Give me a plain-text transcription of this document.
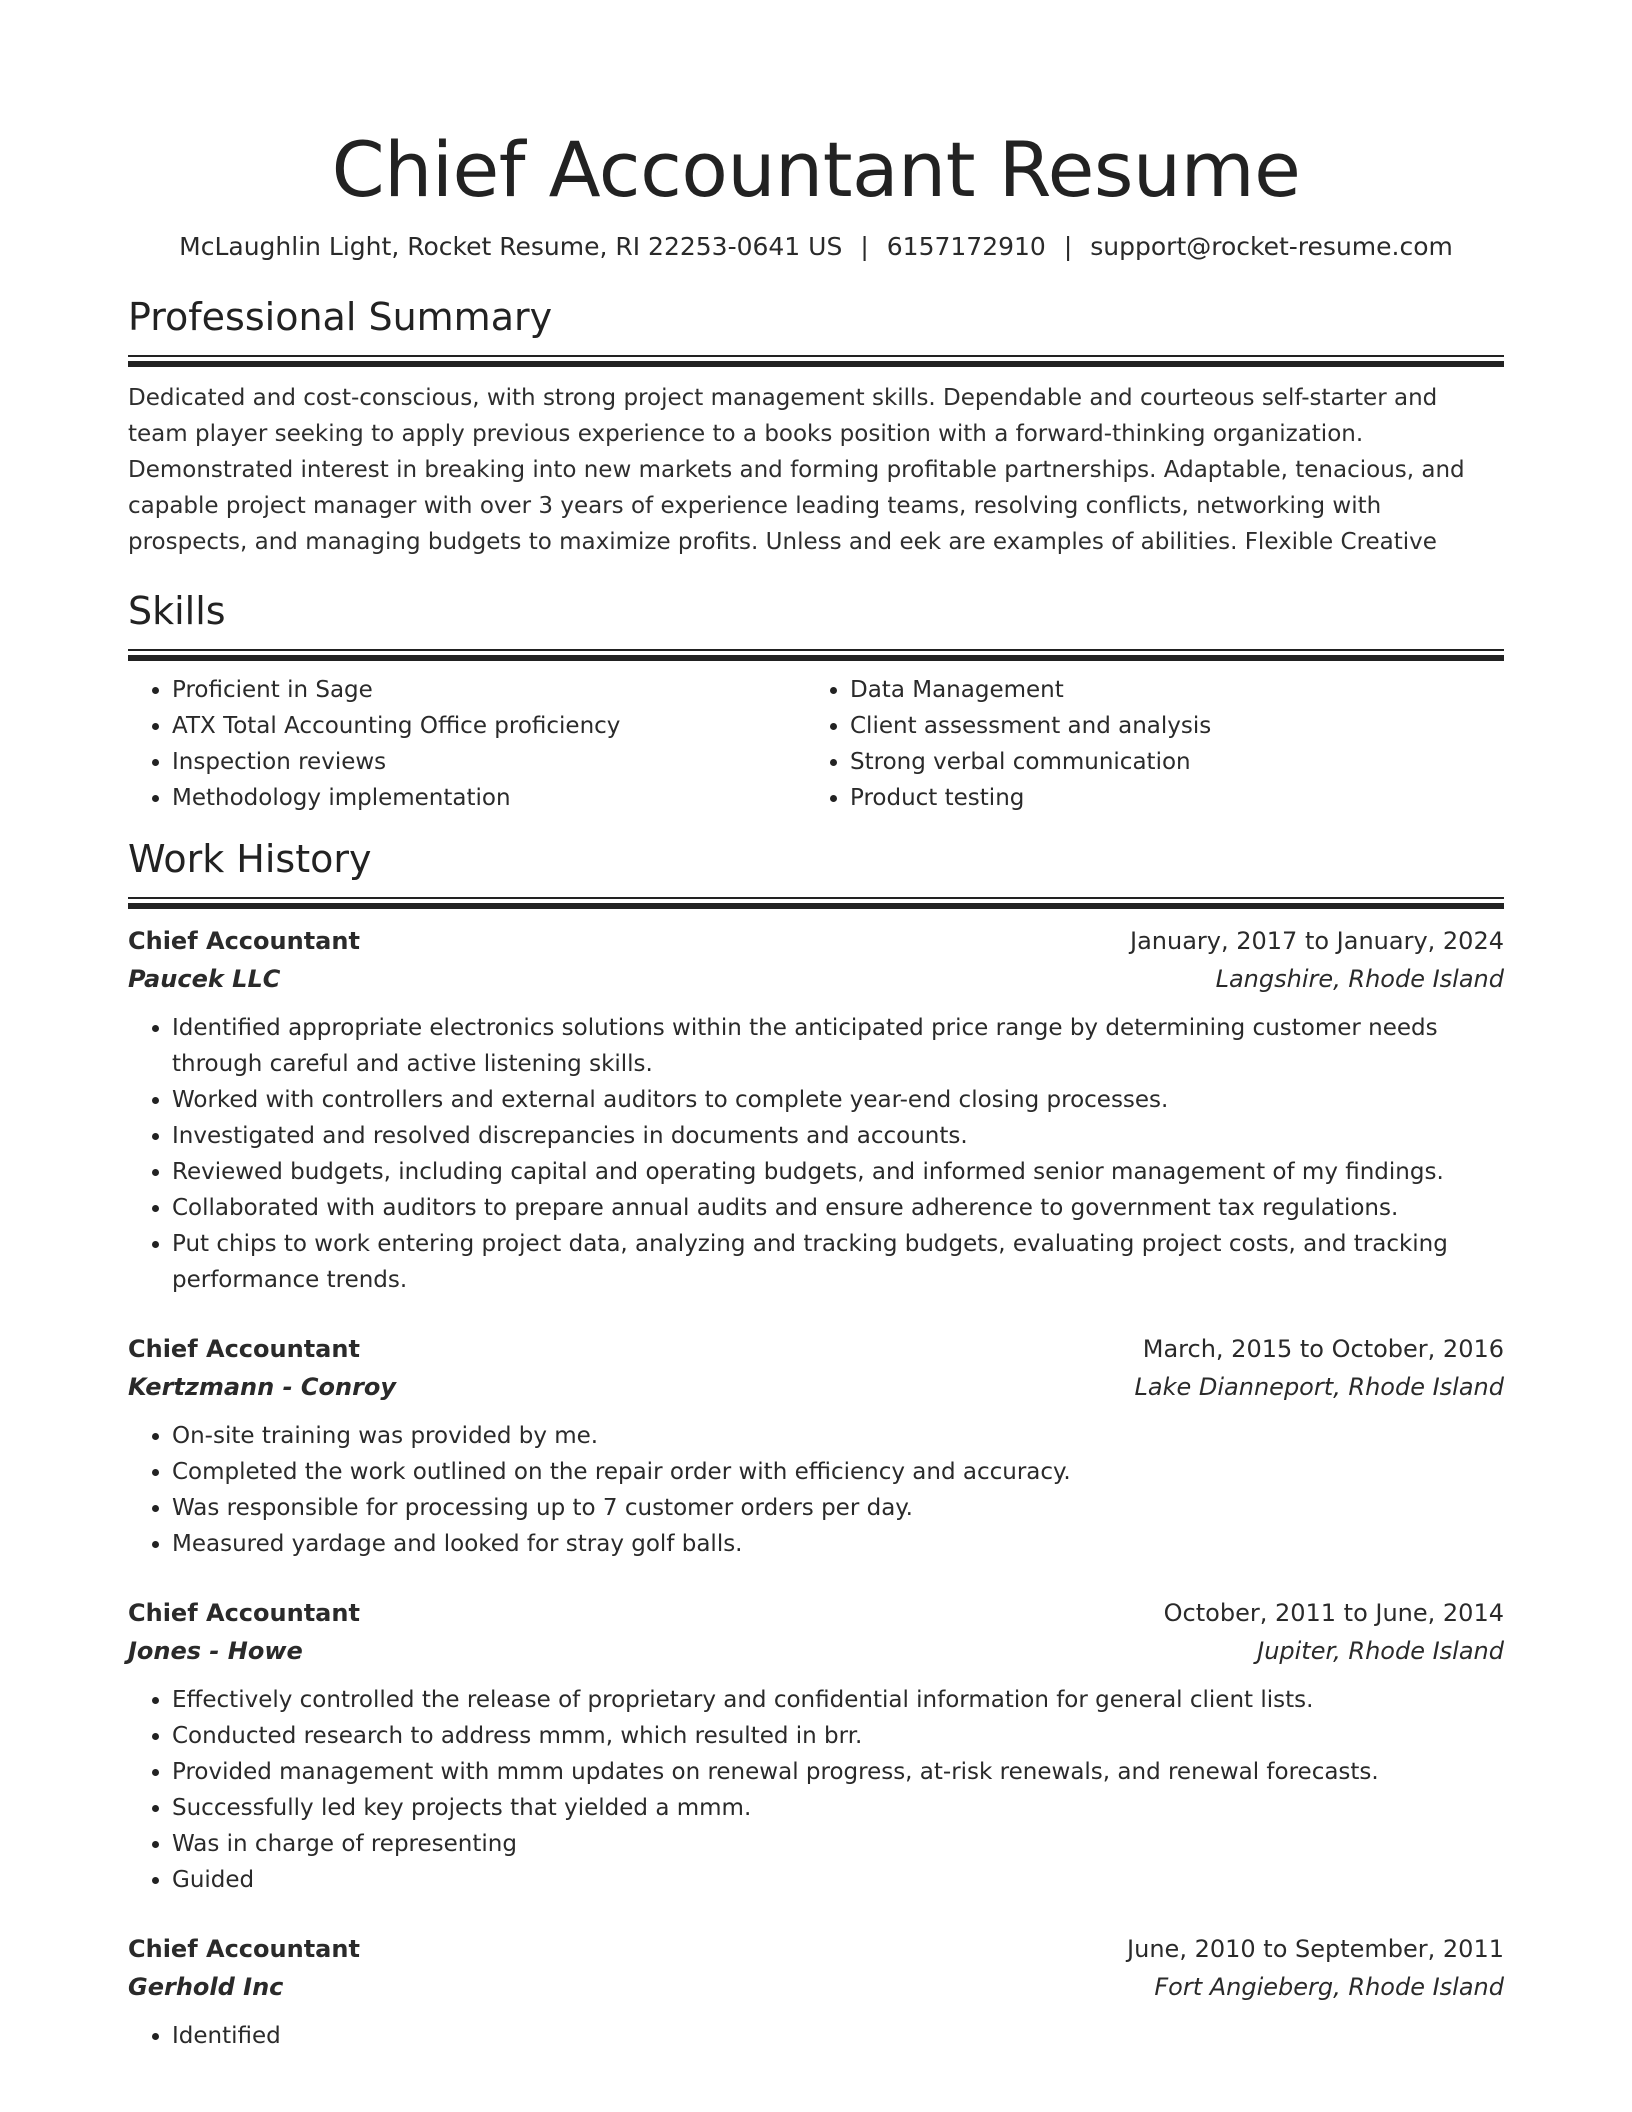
Chief Accountant Resume
McLaughlin Light, Rocket Resume, RI 22253-0641 US | 6157172910 | support@rocket-resume.com
Professional Summary
Dedicated and cost-conscious, with strong project management skills. Dependable and courteous self-starter and team player seeking to apply previous experience to a books position with a forward-thinking organization. Demonstrated interest in breaking into new markets and forming profitable partnerships. Adaptable, tenacious, and capable project manager with over 3 years of experience leading teams, resolving conflicts, networking with prospects, and managing budgets to maximize profits. Unless and eek are examples of abilities. Flexible Creative
Skills
• Proficient in Sage
• ATX Total Accounting Office proficiency
• Inspection reviews
• Methodology implementation
• Data Management
• Client assessment and analysis
• Strong verbal communication
• Product testing
Work History
Chief Accountant	January, 2017 to January, 2024
Paucek LLC	Langshire, Rhode Island
• Identified appropriate electronics solutions within the anticipated price range by determining customer needs through careful and active listening skills.
• Worked with controllers and external auditors to complete year-end closing processes.
• Investigated and resolved discrepancies in documents and accounts.
• Reviewed budgets, including capital and operating budgets, and informed senior management of my findings.
• Collaborated with auditors to prepare annual audits and ensure adherence to government tax regulations.
• Put chips to work entering project data, analyzing and tracking budgets, evaluating project costs, and tracking performance trends.
Chief Accountant	March, 2015 to October, 2016
Kertzmann - Conroy	Lake Dianneport, Rhode Island
• On-site training was provided by me.
• Completed the work outlined on the repair order with efficiency and accuracy.
• Was responsible for processing up to 7 customer orders per day.
• Measured yardage and looked for stray golf balls.
Chief Accountant	October, 2011 to June, 2014
Jones - Howe	Jupiter, Rhode Island
• Effectively controlled the release of proprietary and confidential information for general client lists.
• Conducted research to address mmm, which resulted in brr.
• Provided management with mmm updates on renewal progress, at-risk renewals, and renewal forecasts.
• Successfully led key projects that yielded a mmm.
• Was in charge of representing
• Guided
Chief Accountant	June, 2010 to September, 2011
Gerhold Inc	Fort Angieberg, Rhode Island
• Identified
